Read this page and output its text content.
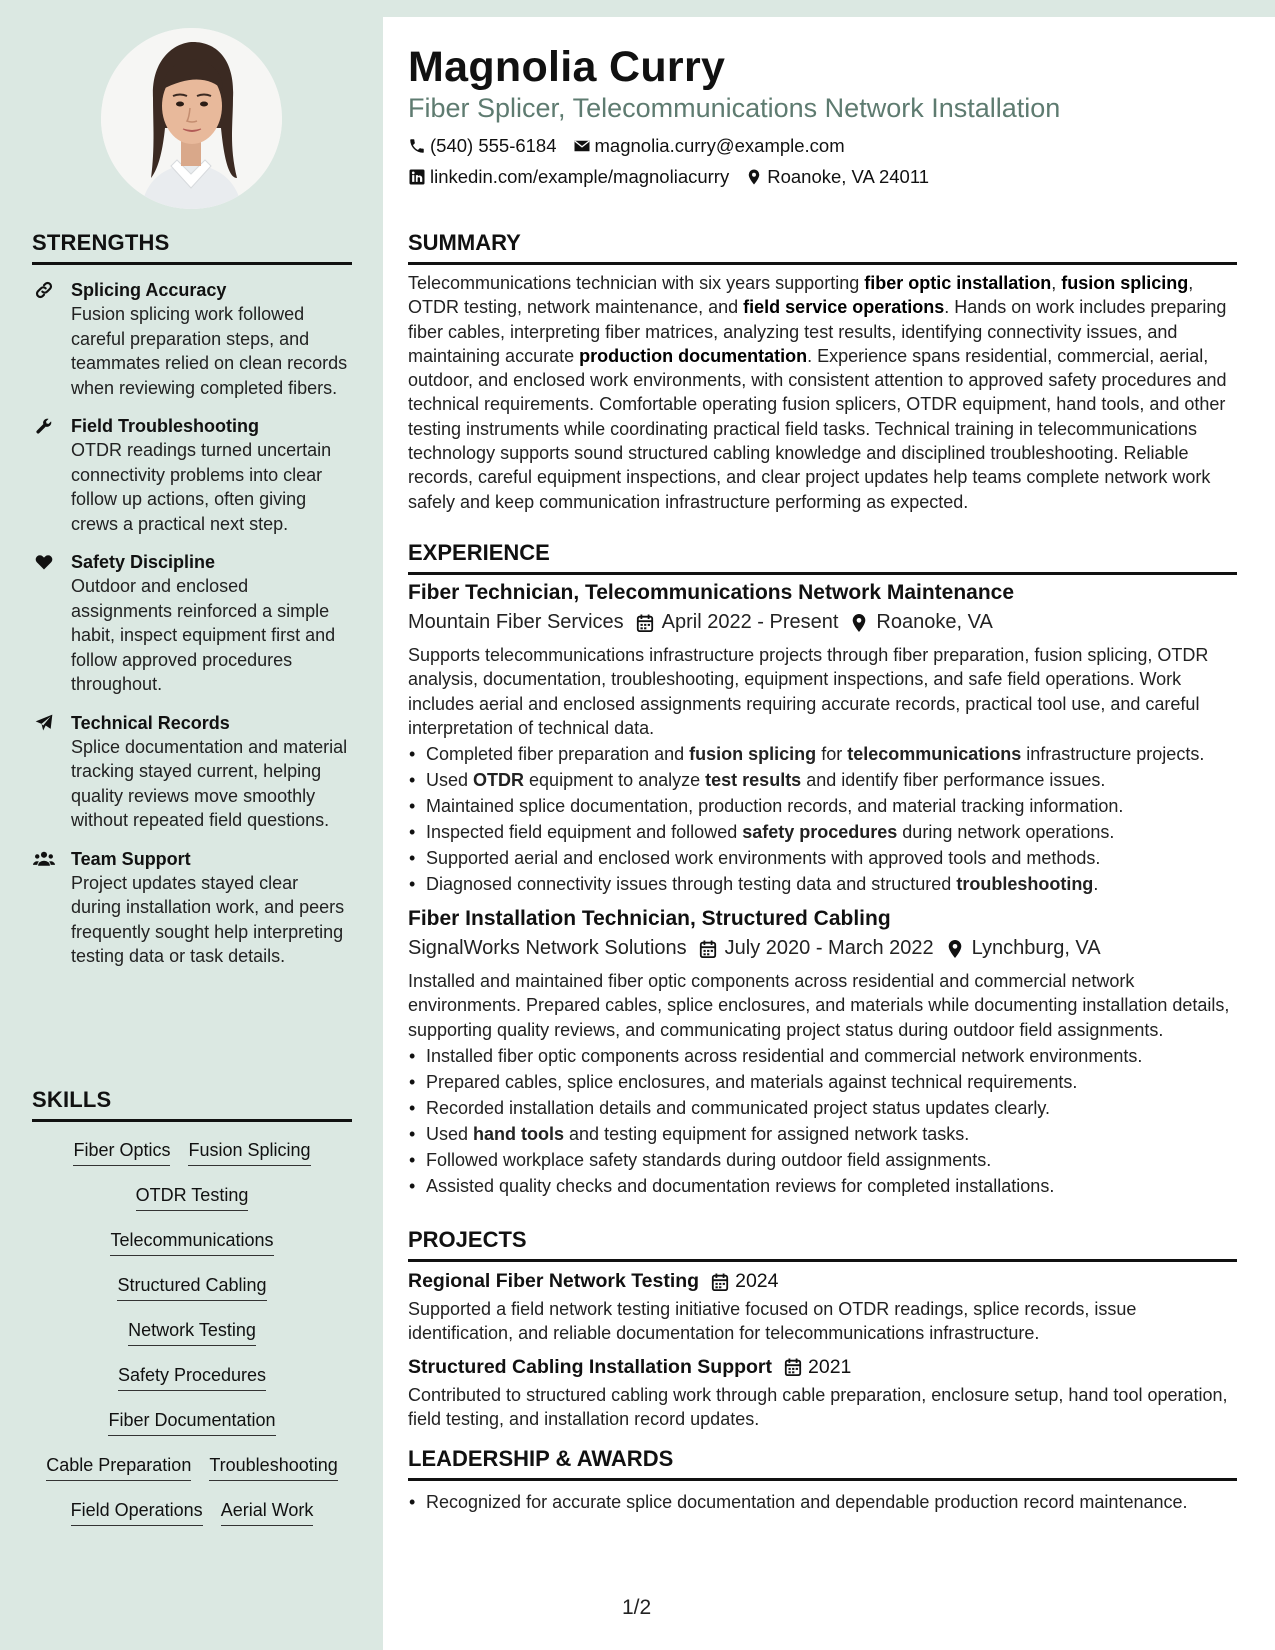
STRENGTHS
Splicing Accuracy
Fusion splicing work followed careful preparation steps, and teammates relied on clean records when reviewing completed fibers.
Field Troubleshooting
OTDR readings turned uncertain connectivity problems into clear follow up actions, often giving crews a practical next step.
Safety Discipline
Outdoor and enclosed assignments reinforced a simple habit, inspect equipment first and follow approved procedures throughout.
Technical Records
Splice documentation and material tracking stayed current, helping quality reviews move smoothly without repeated field questions.
Team Support
Project updates stayed clear during installation work, and peers frequently sought help interpreting testing data or task details.
SKILLS
Fiber Optics Fusion Splicing
OTDR Testing
Telecommunications
Structured Cabling
Network Testing
Safety Procedures
Fiber Documentation
Cable Preparation Troubleshooting
Field Operations Aerial Work
Magnolia Curry
Fiber Splicer, Telecommunications Network Installation
(540) 555-6184 magnolia.curry@example.com
linkedin.com/example/magnoliacurry Roanoke, VA 24011
SUMMARY
Telecommunications technician with six years supporting fiber optic installation, fusion splicing, OTDR testing, network maintenance, and field service operations. Hands on work includes preparing fiber cables, interpreting fiber matrices, analyzing test results, identifying connectivity issues, and maintaining accurate production documentation. Experience spans residential, commercial, aerial, outdoor, and enclosed work environments, with consistent attention to approved safety procedures and technical requirements. Comfortable operating fusion splicers, OTDR equipment, hand tools, and other testing instruments while coordinating practical field tasks. Technical training in telecommunications technology supports sound structured cabling knowledge and disciplined troubleshooting. Reliable records, careful equipment inspections, and clear project updates help teams complete network work safely and keep communication infrastructure performing as expected.
EXPERIENCE
Fiber Technician, Telecommunications Network Maintenance
Mountain Fiber Services April 2022 - Present Roanoke, VA
Supports telecommunications infrastructure projects through fiber preparation, fusion splicing, OTDR analysis, documentation, troubleshooting, equipment inspections, and safe field operations. Work includes aerial and enclosed assignments requiring accurate records, practical tool use, and careful interpretation of technical data.
• Completed fiber preparation and fusion splicing for telecommunications infrastructure projects.
• Used OTDR equipment to analyze test results and identify fiber performance issues.
• Maintained splice documentation, production records, and material tracking information.
• Inspected field equipment and followed safety procedures during network operations.
• Supported aerial and enclosed work environments with approved tools and methods.
• Diagnosed connectivity issues through testing data and structured troubleshooting.
Fiber Installation Technician, Structured Cabling
SignalWorks Network Solutions July 2020 - March 2022 Lynchburg, VA
Installed and maintained fiber optic components across residential and commercial network environments. Prepared cables, splice enclosures, and materials while documenting installation details, supporting quality reviews, and communicating project status during outdoor field assignments.
• Installed fiber optic components across residential and commercial network environments.
• Prepared cables, splice enclosures, and materials against technical requirements.
• Recorded installation details and communicated project status updates clearly.
• Used hand tools and testing equipment for assigned network tasks.
• Followed workplace safety standards during outdoor field assignments.
• Assisted quality checks and documentation reviews for completed installations.
PROJECTS
Regional Fiber Network Testing 2024
Supported a field network testing initiative focused on OTDR readings, splice records, issue identification, and reliable documentation for telecommunications infrastructure.
Structured Cabling Installation Support 2021
Contributed to structured cabling work through cable preparation, enclosure setup, hand tool operation, field testing, and installation record updates.
LEADERSHIP & AWARDS
• Recognized for accurate splice documentation and dependable production record maintenance.
1/2
